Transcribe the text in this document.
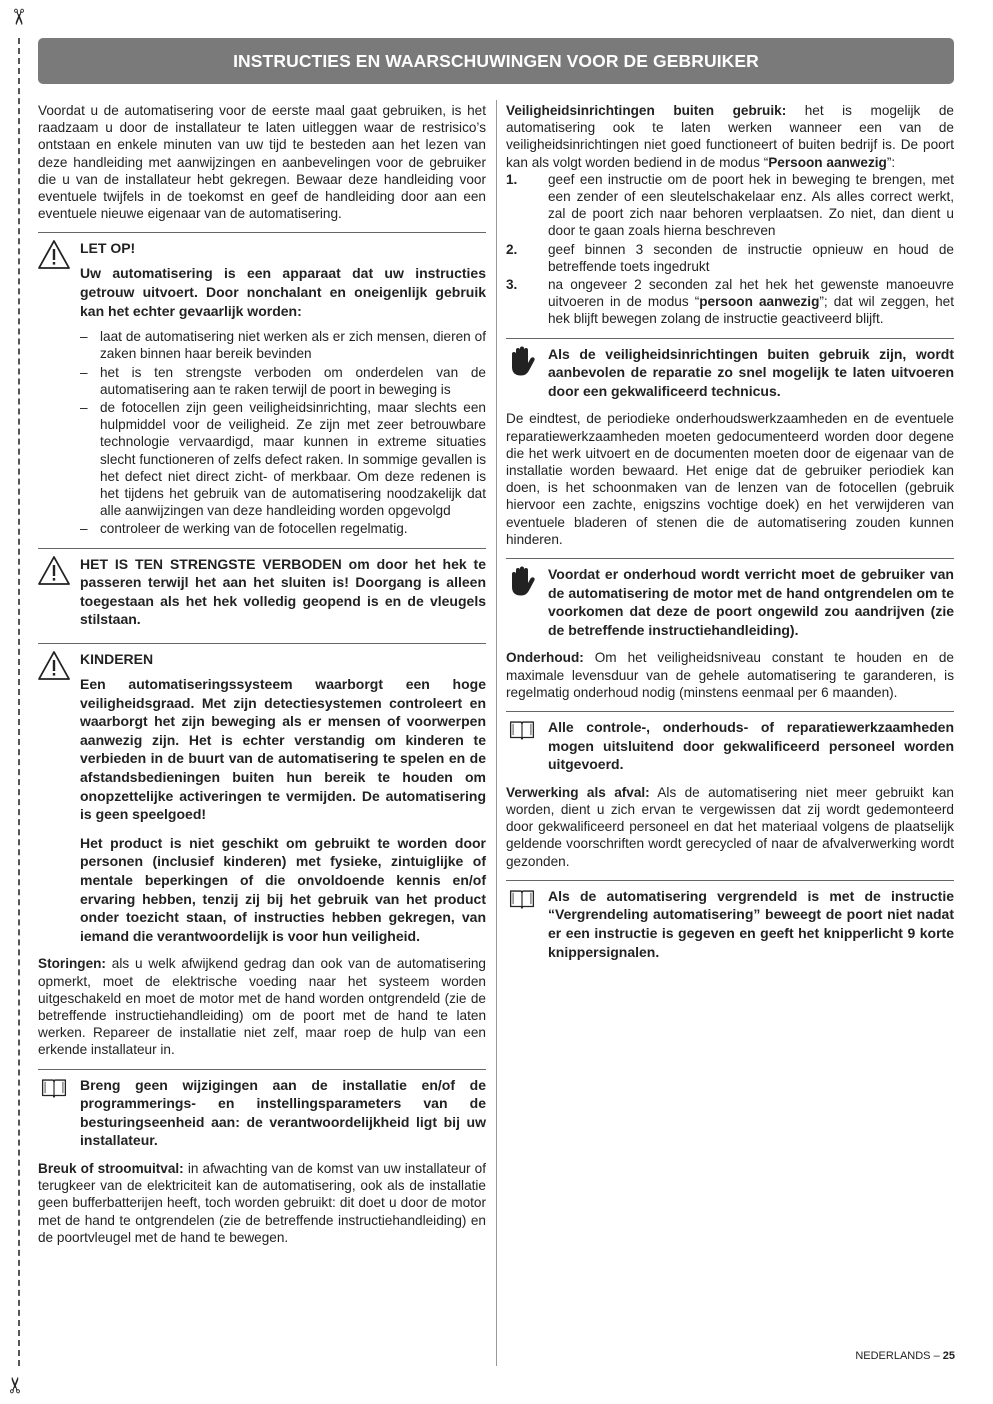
✂
✂
INSTRUCTIES EN WAARSCHUWINGEN VOOR DE GEBRUIKER

Voordat u de automatisering voor de eerste maal gaat gebruiken, is het raadzaam u door de installateur te laten uitleggen waar de restrisico’s ontstaan en enkele minuten van uw tijd te besteden aan het lezen van deze handleiding met aanwijzingen en aanbevelingen voor de gebruiker die u van de installateur hebt gekregen. Bewaar deze handleiding voor eventuele twijfels in de toekomst en geef de handleiding door aan een eventuele nieuwe eigenaar van de automatisering.

LET OP!
Uw automatisering is een apparaat dat uw instructies getrouw uitvoert. Door nonchalant en oneigenlijk gebruik kan het echter gevaarlijk worden:
– laat de automatisering niet werken als er zich mensen, dieren of zaken binnen haar bereik bevinden
– het is ten strengste verboden om onderdelen van de automatisering aan te raken terwijl de poort in beweging is
– de fotocellen zijn geen veiligheidsinrichting, maar slechts een hulpmiddel voor de veiligheid. Ze zijn met zeer betrouwbare technologie vervaardigd, maar kunnen in extreme situaties slecht functioneren of zelfs defect raken. In sommige gevallen is het defect niet direct zicht- of merkbaar. Om deze redenen is het tijdens het gebruik van de automatisering noodzakelijk dat alle aanwijzingen van deze handleiding worden opgevolgd
– controleer de werking van de fotocellen regelmatig.
HET IS TEN STRENGSTE VERBODEN om door het hek te passeren terwijl het aan het sluiten is! Doorgang is alleen toegestaan als het hek volledig geopend is en de vleugels stilstaan.
KINDEREN
Een automatiseringssysteem waarborgt een hoge veiligheidsgraad. Met zijn detectiesystemen controleert en waarborgt het zijn beweging als er mensen of voorwerpen aanwezig zijn. Het is echter verstandig om kinderen te verbieden in de buurt van de automatisering te spelen en de afstandsbedieningen buiten hun bereik te houden om onopzettelijke activeringen te vermijden. De automatisering is geen speelgoed!
Het product is niet geschikt om gebruikt te worden door personen (inclusief kinderen) met fysieke, zintuiglijke of mentale beperkingen of die onvoldoende kennis en/of ervaring hebben, tenzij zij bij het gebruik van het product onder toezicht staan, of instructies hebben gekregen, van iemand die verantwoordelijk is voor hun veiligheid.

Storingen: als u welk afwijkend gedrag dan ook van de automatisering opmerkt, moet de elektrische voeding naar het systeem worden uitgeschakeld en moet de motor met de hand worden ontgrendeld (zie de betreffende instructiehandleiding) om de poort met de hand te laten werken. Repareer de installatie niet zelf, maar roep de hulp van een erkende installateur in.

Breng geen wijzigingen aan de installatie en/of de programmerings- en instellingsparameters van de besturingseenheid aan: de verantwoordelijkheid ligt bij uw installateur.

Breuk of stroomuitval: in afwachting van de komst van uw installateur of terugkeer van de elektriciteit kan de automatisering, ook als de installatie geen bufferbatterijen heeft, toch worden gebruikt: dit doet u door de motor met de hand te ontgrendelen (zie de betreffende instructiehandleiding) en de poortvleugel met de hand te bewegen.

Veiligheidsinrichtingen buiten gebruik: het is mogelijk de automatisering ook te laten werken wanneer een van de veiligheidsinrichtingen niet goed functioneert of buiten bedrijf is. De poort kan als volgt worden bediend in de modus “Persoon aanwezig”:

1. geef een instructie om de poort hek in beweging te brengen, met een zender of een sleutelschakelaar enz. Als alles correct werkt, zal de poort zich naar behoren verplaatsen. Zo niet, dan dient u door te gaan zoals hierna beschreven
2. geef binnen 3 seconden de instructie opnieuw en houd de betreffende toets ingedrukt
3. na ongeveer 2 seconden zal het hek het gewenste manoeuvre uitvoeren in de modus “persoon aanwezig”; dat wil zeggen, het hek blijft bewegen zolang de instructie geactiveerd blijft.
Als de veiligheidsinrichtingen buiten gebruik zijn, wordt aanbevolen de reparatie zo snel mogelijk te laten uitvoeren door een gekwalificeerd technicus.

De eindtest, de periodieke onderhoudswerkzaamheden en de eventuele reparatiewerkzaamheden moeten gedocumenteerd worden door degene die het werk uitvoert en de documenten moeten door de eigenaar van de installatie worden bewaard. Het enige dat de gebruiker periodiek kan doen, is het schoonmaken van de lenzen van de fotocellen (gebruik hiervoor een zachte, enigszins vochtige doek) en het verwijderen van eventuele bladeren of stenen die de automatisering zouden kunnen hinderen.

Voordat er onderhoud wordt verricht moet de gebruiker van de automatisering de motor met de hand ontgrendelen om te voorkomen dat deze de poort ongewild zou aandrijven (zie de betreffende instructiehandleiding).

Onderhoud: Om het veiligheidsniveau constant te houden en de maximale levensduur van de gehele automatisering te garanderen, is regelmatig onderhoud nodig (minstens eenmaal per 6 maanden).

Alle controle-, onderhouds- of reparatiewerkzaamheden mogen uitsluitend door gekwalificeerd personeel worden uitgevoerd.

Verwerking als afval: Als de automatisering niet meer gebruikt kan worden, dient u zich ervan te vergewissen dat zij wordt gedemonteerd door gekwalificeerd personeel en dat het materiaal volgens de plaatselijk geldende voorschriften wordt gerecycled of naar de afvalverwerking wordt gezonden.

Als de automatisering vergrendeld is met de instructie “Vergrendeling automatisering” beweegt de poort niet nadat er een instructie is gegeven en geeft het knipperlicht 9 korte knippersignalen.
NEDERLANDS – 25
